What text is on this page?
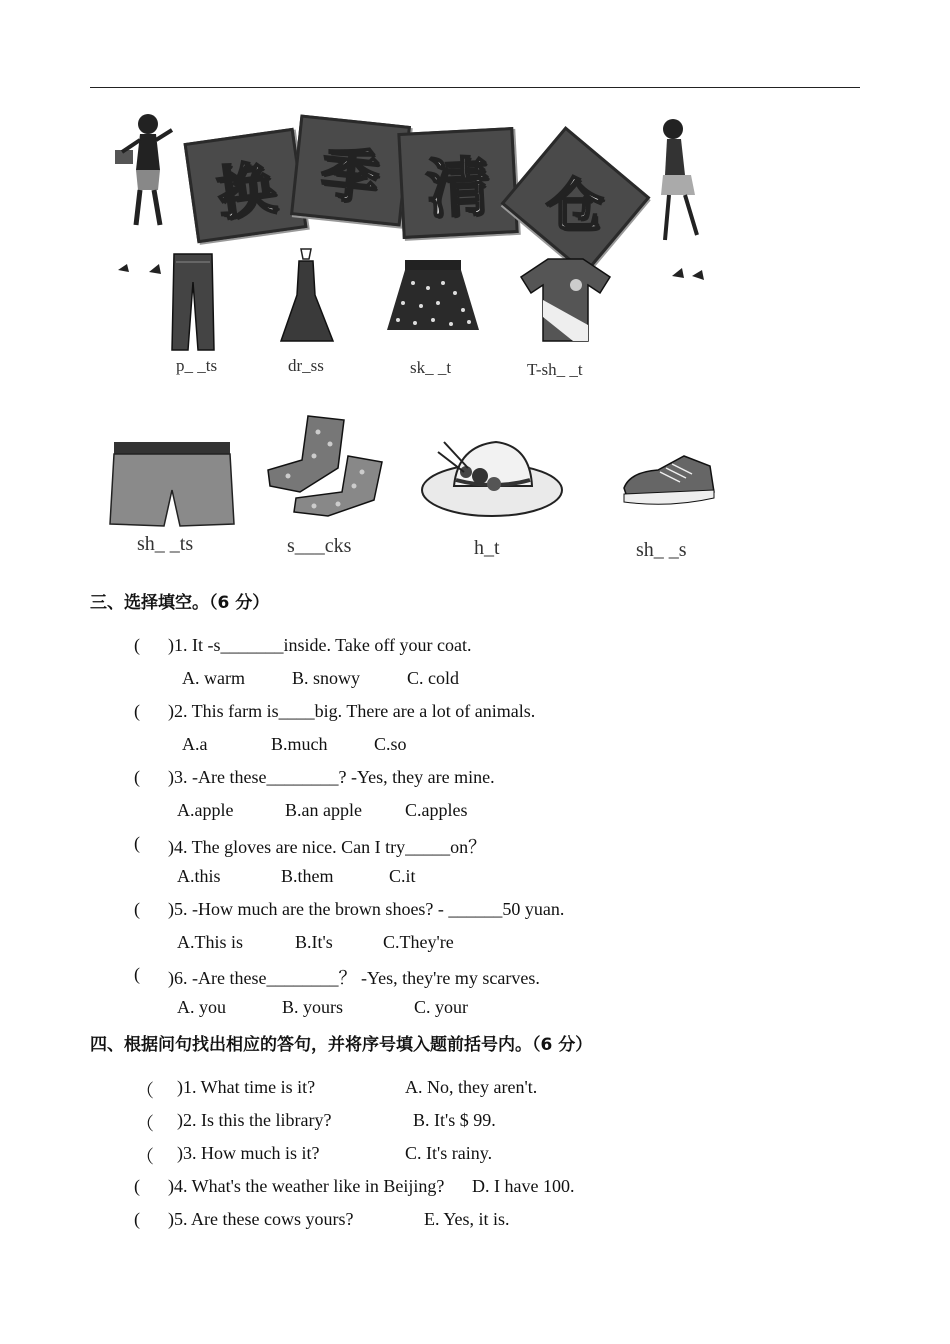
换 季 清 仓
p_ _ts	dr_ss	sk_ _t	T-sh_ _t
sh_ _ts	s___cks	h_t	sh_ _s
三、选择填空。（6 分）
( )1. It -s_______inside. Take off your coat.
A. warm	B. snowy	C. cold
( )2. This farm is____big. There are a lot of animals.
A.a	B.much	C.so
( )3. -Are these________? -Yes, they are mine.
A.apple	B.an apple C.apples
( )4. The gloves are nice. Can I try_____on？
A.this	B.them	C.it
( )5. -How much are the brown shoes? - ______50 yuan.
A.This is	B.It's	C.They're
( )6. -Are these________？ -Yes, they're my scarves.
A. you	B. yours	C. your
四、根据问句找出相应的答句，并将序号填入题前括号内。（6 分）
（ )1. What time is it?	A. No, they aren't.
（ )2. Is this the library?	B. It's $ 99.
（ )3. How much is it?	C. It's rainy.
( )4. What's the weather like in Beijing? D. I have 100.
( )5. Are these cows yours?	E. Yes, it is.
